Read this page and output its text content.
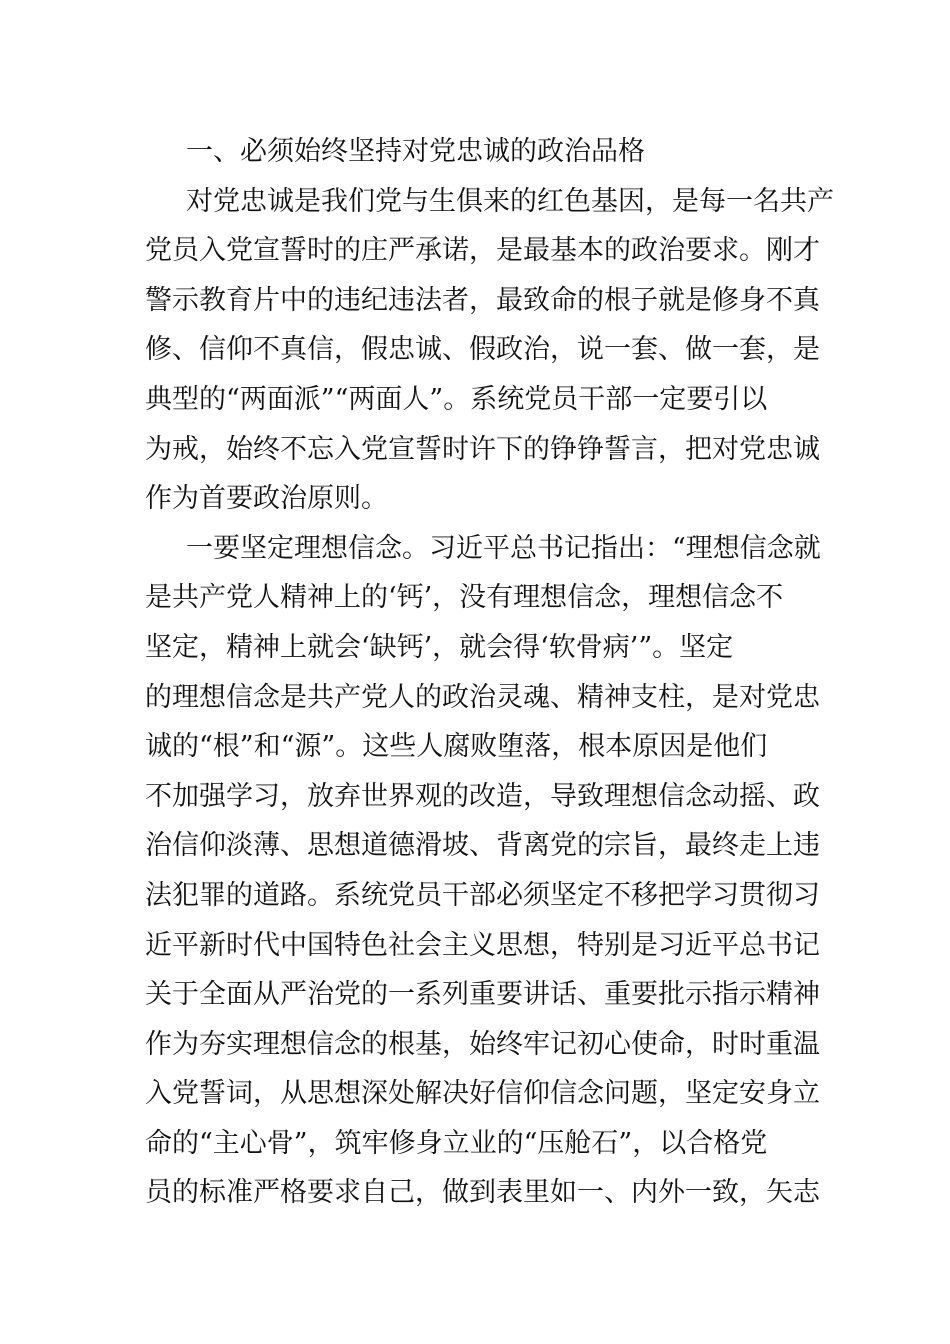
一、必须始终坚持对党忠诚的政治品格
对党忠诚是我们党与生俱来的红色基因，是每一名共产
党员入党宣誓时的庄严承诺，是最基本的政治要求。刚才
警示教育片中的违纪违法者，最致命的根子就是修身不真
修、信仰不真信，假忠诚、假政治，说一套、做一套，是
典型的“两面派”“两面人”。系统党员干部一定要引以
为戒，始终不忘入党宣誓时许下的铮铮誓言，把对党忠诚
作为首要政治原则。
一要坚定理想信念。习近平总书记指出：“理想信念就
是共产党人精神上的‘钙’，没有理想信念，理想信念不
坚定，精神上就会‘缺钙’，就会得‘软骨病’”。坚定
的理想信念是共产党人的政治灵魂、精神支柱，是对党忠
诚的“根”和“源”。这些人腐败堕落，根本原因是他们
不加强学习，放弃世界观的改造，导致理想信念动摇、政
治信仰淡薄、思想道德滑坡、背离党的宗旨，最终走上违
法犯罪的道路。系统党员干部必须坚定不移把学习贯彻习
近平新时代中国特色社会主义思想，特别是习近平总书记
关于全面从严治党的一系列重要讲话、重要批示指示精神
作为夯实理想信念的根基，始终牢记初心使命，时时重温
入党誓词，从思想深处解决好信仰信念问题，坚定安身立
命的“主心骨”，筑牢修身立业的“压舱石”，以合格党
员的标准严格要求自己，做到表里如一、内外一致，矢志
